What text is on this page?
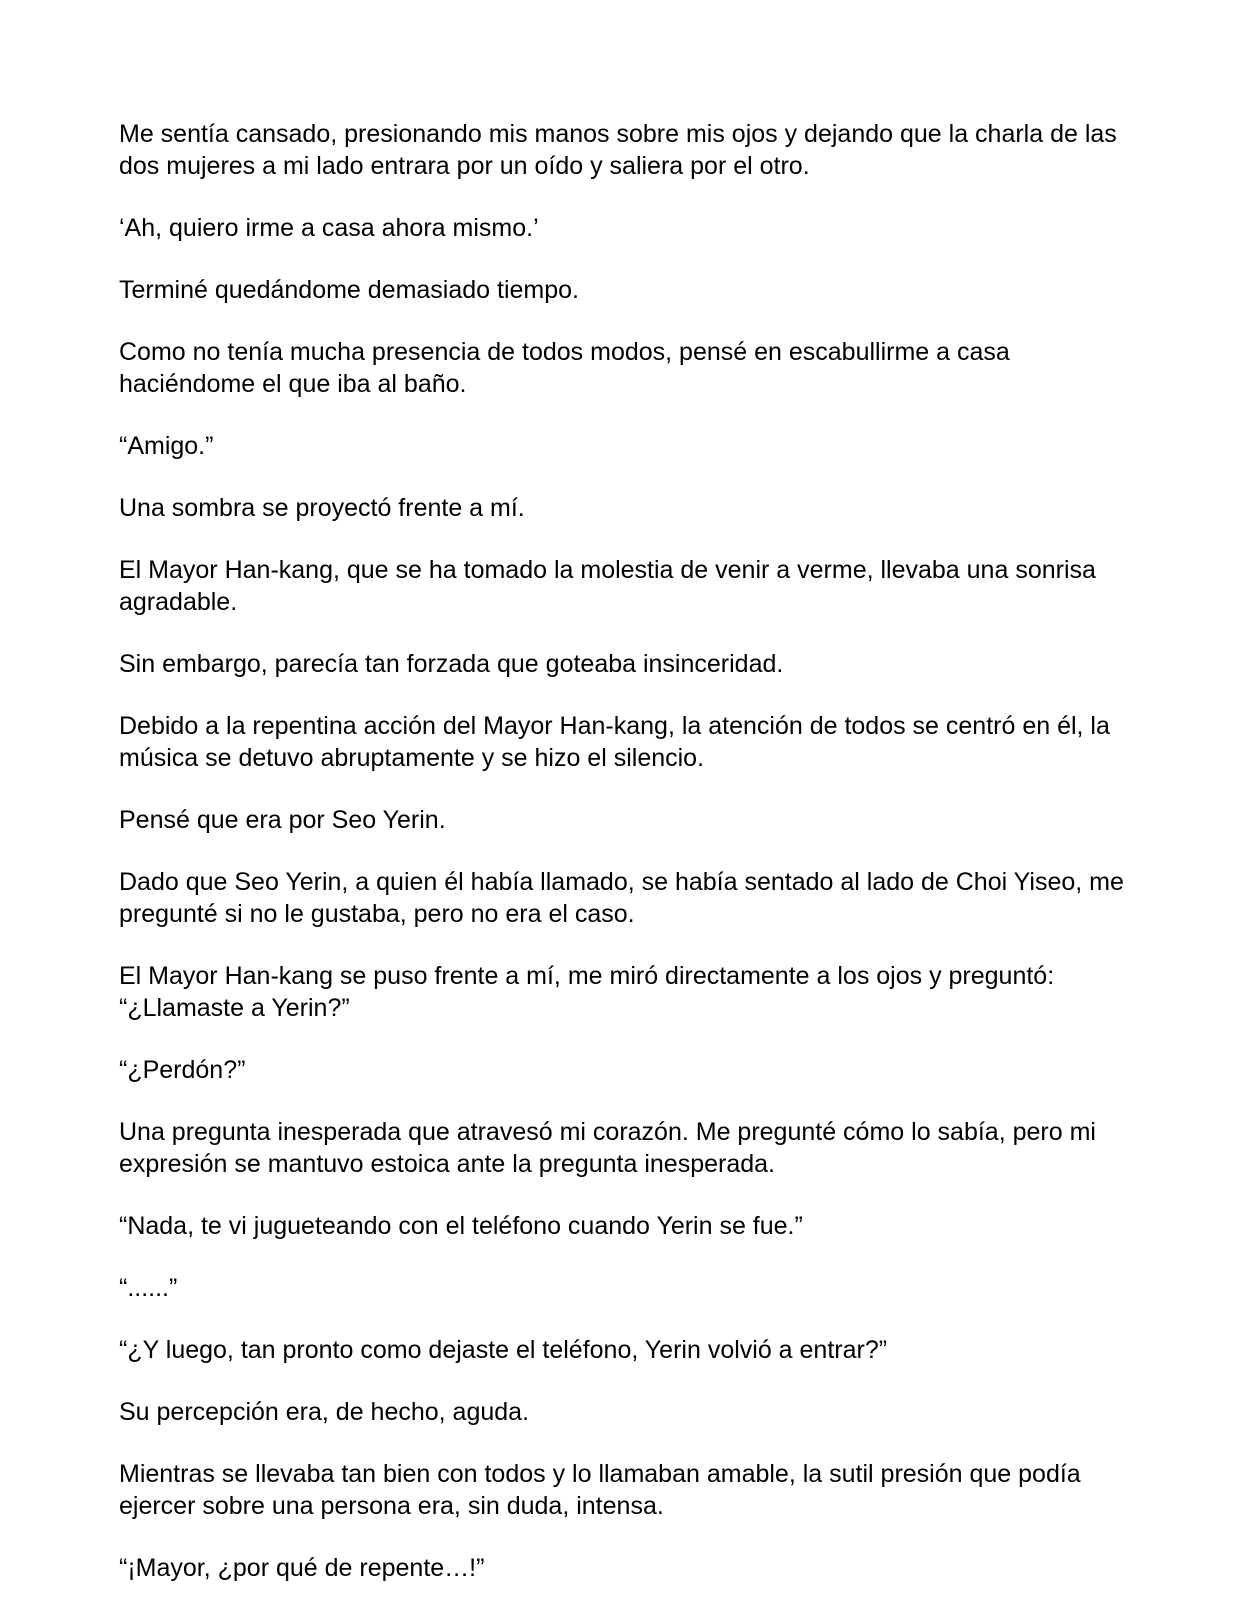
Me sentía cansado, presionando mis manos sobre mis ojos y dejando que la charla de las dos mujeres a mi lado entrara por un oído y saliera por el otro.

‘Ah, quiero irme a casa ahora mismo.’

Terminé quedándome demasiado tiempo.

Como no tenía mucha presencia de todos modos, pensé en escabullirme a casa haciéndome el que iba al baño.

“Amigo.”

Una sombra se proyectó frente a mí.

El Mayor Han-kang, que se ha tomado la molestia de venir a verme, llevaba una sonrisa agradable.

Sin embargo, parecía tan forzada que goteaba insinceridad.

Debido a la repentina acción del Mayor Han-kang, la atención de todos se centró en él, la música se detuvo abruptamente y se hizo el silencio.

Pensé que era por Seo Yerin.

Dado que Seo Yerin, a quien él había llamado, se había sentado al lado de Choi Yiseo, me pregunté si no le gustaba, pero no era el caso.

El Mayor Han-kang se puso frente a mí, me miró directamente a los ojos y preguntó: “¿Llamaste a Yerin?”

“¿Perdón?”

Una pregunta inesperada que atravesó mi corazón. Me pregunté cómo lo sabía, pero mi expresión se mantuvo estoica ante la pregunta inesperada.

“Nada, te vi jugueteando con el teléfono cuando Yerin se fue.”

“......”

“¿Y luego, tan pronto como dejaste el teléfono, Yerin volvió a entrar?”

Su percepción era, de hecho, aguda.

Mientras se llevaba tan bien con todos y lo llamaban amable, la sutil presión que podía ejercer sobre una persona era, sin duda, intensa.

“¡Mayor, ¿por qué de repente…!”
